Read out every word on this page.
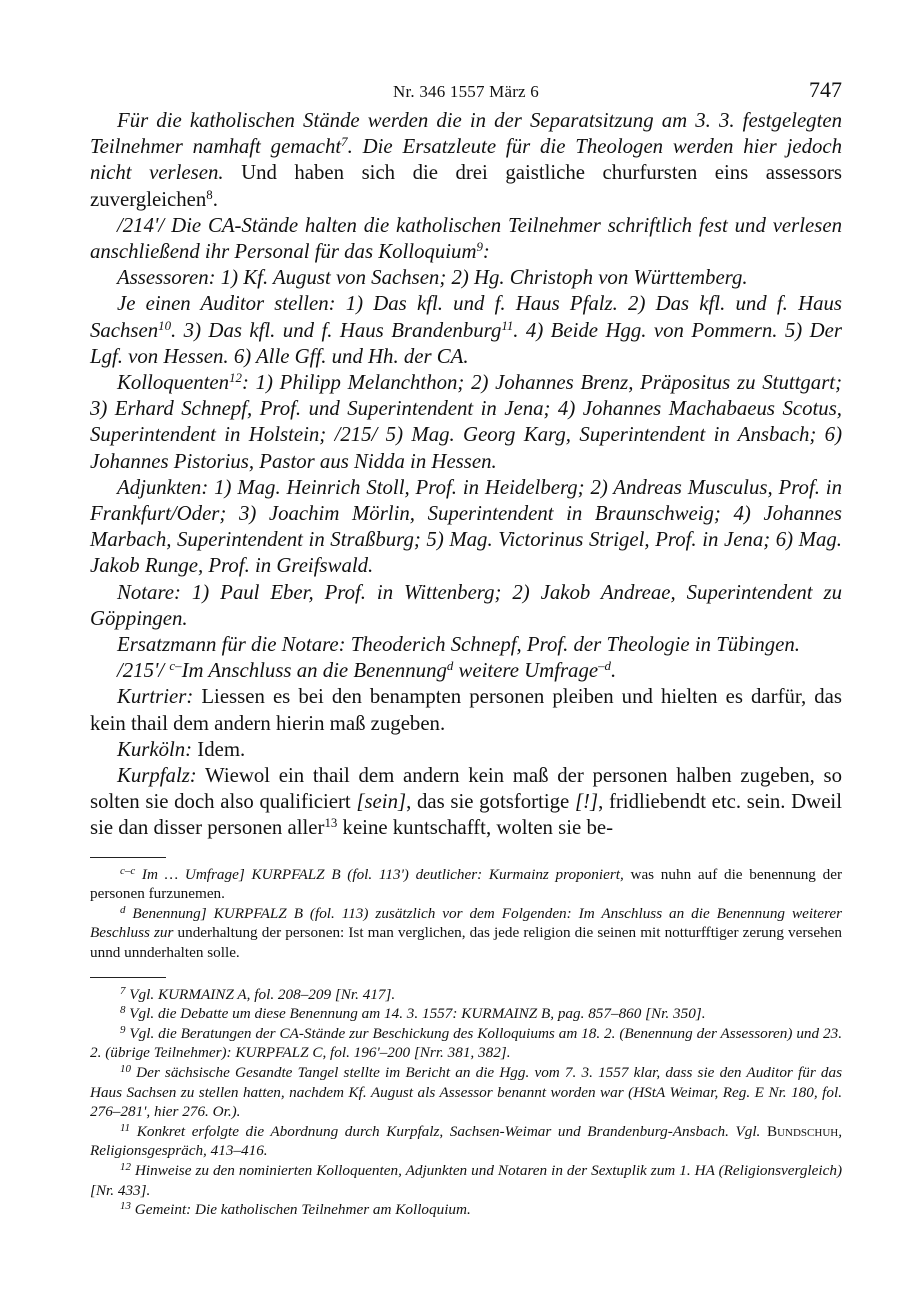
Nr. 346 1557 März 6	747

Für die katholischen Stände werden die in der Separatsitzung am 3. 3. festgelegten Teilnehmer namhaft gemacht$^7$. Die Ersatzleute für die Theologen werden hier jedoch nicht verlesen. Und haben sich die drei gaistliche churfursten eins assessors zuvergleichen$^8$.

/214'/ Die CA-Stände halten die katholischen Teilnehmer schriftlich fest und verlesen anschließend ihr Personal für das Kolloquium$^9$:

Assessoren: 1) Kf. August von Sachsen; 2) Hg. Christoph von Württemberg.

Je einen Auditor stellen: 1) Das kfl. und f. Haus Pfalz. 2) Das kfl. und f. Haus Sachsen$^{10}$. 3) Das kfl. und f. Haus Brandenburg$^{11}$. 4) Beide Hgg. von Pommern. 5) Der Lgf. von Hessen. 6) Alle Gff. und Hh. der CA.

Kolloquenten$^{12}$: 1) Philipp Melanchthon; 2) Johannes Brenz, Präpositus zu Stuttgart; 3) Erhard Schnepf, Prof. und Superintendent in Jena; 4) Johannes Machabaeus Scotus, Superintendent in Holstein; /215/ 5) Mag. Georg Karg, Superintendent in Ansbach; 6) Johannes Pistorius, Pastor aus Nidda in Hessen.

Adjunkten: 1) Mag. Heinrich Stoll, Prof. in Heidelberg; 2) Andreas Musculus, Prof. in Frankfurt/Oder; 3) Joachim Mörlin, Superintendent in Braunschweig; 4) Johannes Marbach, Superintendent in Straßburg; 5) Mag. Victorinus Strigel, Prof. in Jena; 6) Mag. Jakob Runge, Prof. in Greifswald.

Notare: 1) Paul Eber, Prof. in Wittenberg; 2) Jakob Andreae, Superintendent zu Göppingen.

Ersatzmann für die Notare: Theoderich Schnepf, Prof. der Theologie in Tübingen.

/215'/ $^{c-}$Im Anschluss an die Benennung$^d$ weitere Umfrage$^{-d}$.

Kurtrier: Liessen es bei den benampten personen pleiben und hielten es darfür, das kein thail dem andern hierin maß zugeben.

Kurköln: Idem.

Kurpfalz: Wiewol ein thail dem andern kein maß der personen halben zugeben, so solten sie doch also qualificiert [sein], das sie gotsfortige [!], fridliebendt etc. sein. Dweil sie dan disser personen aller$^{13}$ keine kuntschafft, wolten sie be-

$^{c-c}$ Im … Umfrage] KURPFALZ B (fol. 113') deutlicher: Kurmainz proponiert, was nuhn auf die benennung der personen furzunemen.

$^d$ Benennung] KURPFALZ B (fol. 113) zusätzlich vor dem Folgenden: Im Anschluss an die Benennung weiterer Beschluss zur underhaltung der personen: Ist man verglichen, das jede religion die seinen mit notturfftiger zerung versehen unnd unnderhalten solle.

$^7$ Vgl. KURMAINZ A, fol. 208–209 [Nr. 417].

$^8$ Vgl. die Debatte um diese Benennung am 14. 3. 1557: KURMAINZ B, pag. 857–860 [Nr. 350].

$^9$ Vgl. die Beratungen der CA-Stände zur Beschickung des Kolloquiums am 18. 2. (Benennung der Assessoren) und 23. 2. (übrige Teilnehmer): KURPFALZ C, fol. 196'–200 [Nrr. 381, 382].

$^{10}$ Der sächsische Gesandte Tangel stellte im Bericht an die Hgg. vom 7. 3. 1557 klar, dass sie den Auditor für das Haus Sachsen zu stellen hatten, nachdem Kf. August als Assessor benannt worden war (HStA Weimar, Reg. E Nr. 180, fol. 276–281', hier 276. Or.).

$^{11}$ Konkret erfolgte die Abordnung durch Kurpfalz, Sachsen-Weimar und Brandenburg-Ansbach. Vgl. Bundschuh, Religionsgespräch, 413–416.

$^{12}$ Hinweise zu den nominierten Kolloquenten, Adjunkten und Notaren in der Sextuplik zum 1. HA (Religionsvergleich) [Nr. 433].

$^{13}$ Gemeint: Die katholischen Teilnehmer am Kolloquium.
